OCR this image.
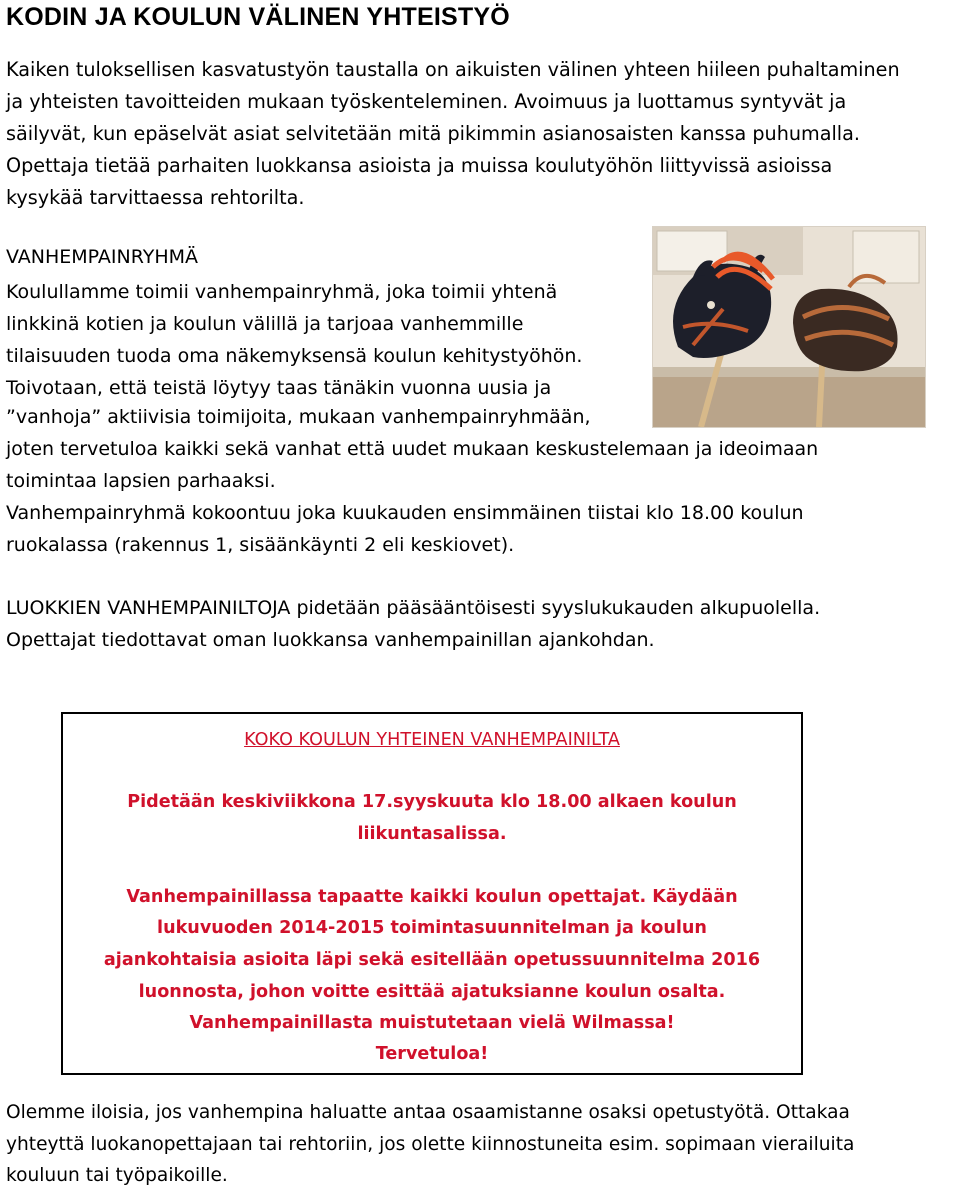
KODIN JA KOULUN VÄLINEN YHTEISTYÖ

Kaiken tuloksellisen kasvatustyön taustalla on aikuisten välinen yhteen hiileen puhaltaminen

ja yhteisten tavoitteiden mukaan työskenteleminen. Avoimuus ja luottamus syntyvät ja

säilyvät, kun epäselvät asiat selvitetään mitä pikimmin asianosaisten kanssa puhumalla.

Opettaja tietää parhaiten luokkansa asioista ja muissa koulutyöhön liittyvissä asioissa

kysykää tarvittaessa rehtorilta.

VANHEMPAINRYHMÄ
Koulullamme toimii vanhempainryhmä, joka toimii yhtenä
linkkinä kotien ja koulun välillä ja tarjoaa vanhemmille
tilaisuuden tuoda oma näkemyksensä koulun kehitystyöhön.
Toivotaan, että teistä löytyy taas tänäkin vuonna uusia ja
”vanhoja” aktiivisia toimijoita, mukaan vanhempainryhmään,
joten tervetuloa kaikki sekä vanhat että uudet mukaan keskustelemaan ja ideoimaan
toimintaa lapsien parhaaksi.
Vanhempainryhmä kokoontuu joka kuukauden ensimmäinen tiistai klo 18.00 koulun
ruokalassa (rakennus 1, sisäänkäynti 2 eli keskiovet).
LUOKKIEN VANHEMPAINILTOJA pidetään pääsääntöisesti syyslukukauden alkupuolella.
Opettajat tiedottavat oman luokkansa vanhempainillan ajankohdan.
KOKO KOULUN YHTEINEN VANHEMPAINILTA
Pidetään keskiviikkona 17.syyskuuta klo 18.00 alkaen koulun
liikuntasalissa.
Vanhempainillassa tapaatte kaikki koulun opettajat. Käydään
lukuvuoden 2014-2015 toimintasuunnitelman ja koulun
ajankohtaisia asioita läpi sekä esitellään opetussuunnitelma 2016
luonnosta, johon voitte esittää ajatuksianne koulun osalta.
Vanhempainillasta muistutetaan vielä Wilmassa!
Tervetuloa!
Olemme iloisia, jos vanhempina haluatte antaa osaamistanne osaksi opetustyötä. Ottakaa
yhteyttä luokanopettajaan tai rehtoriin, jos olette kiinnostuneita esim. sopimaan vierailuita
kouluun tai työpaikoille.
